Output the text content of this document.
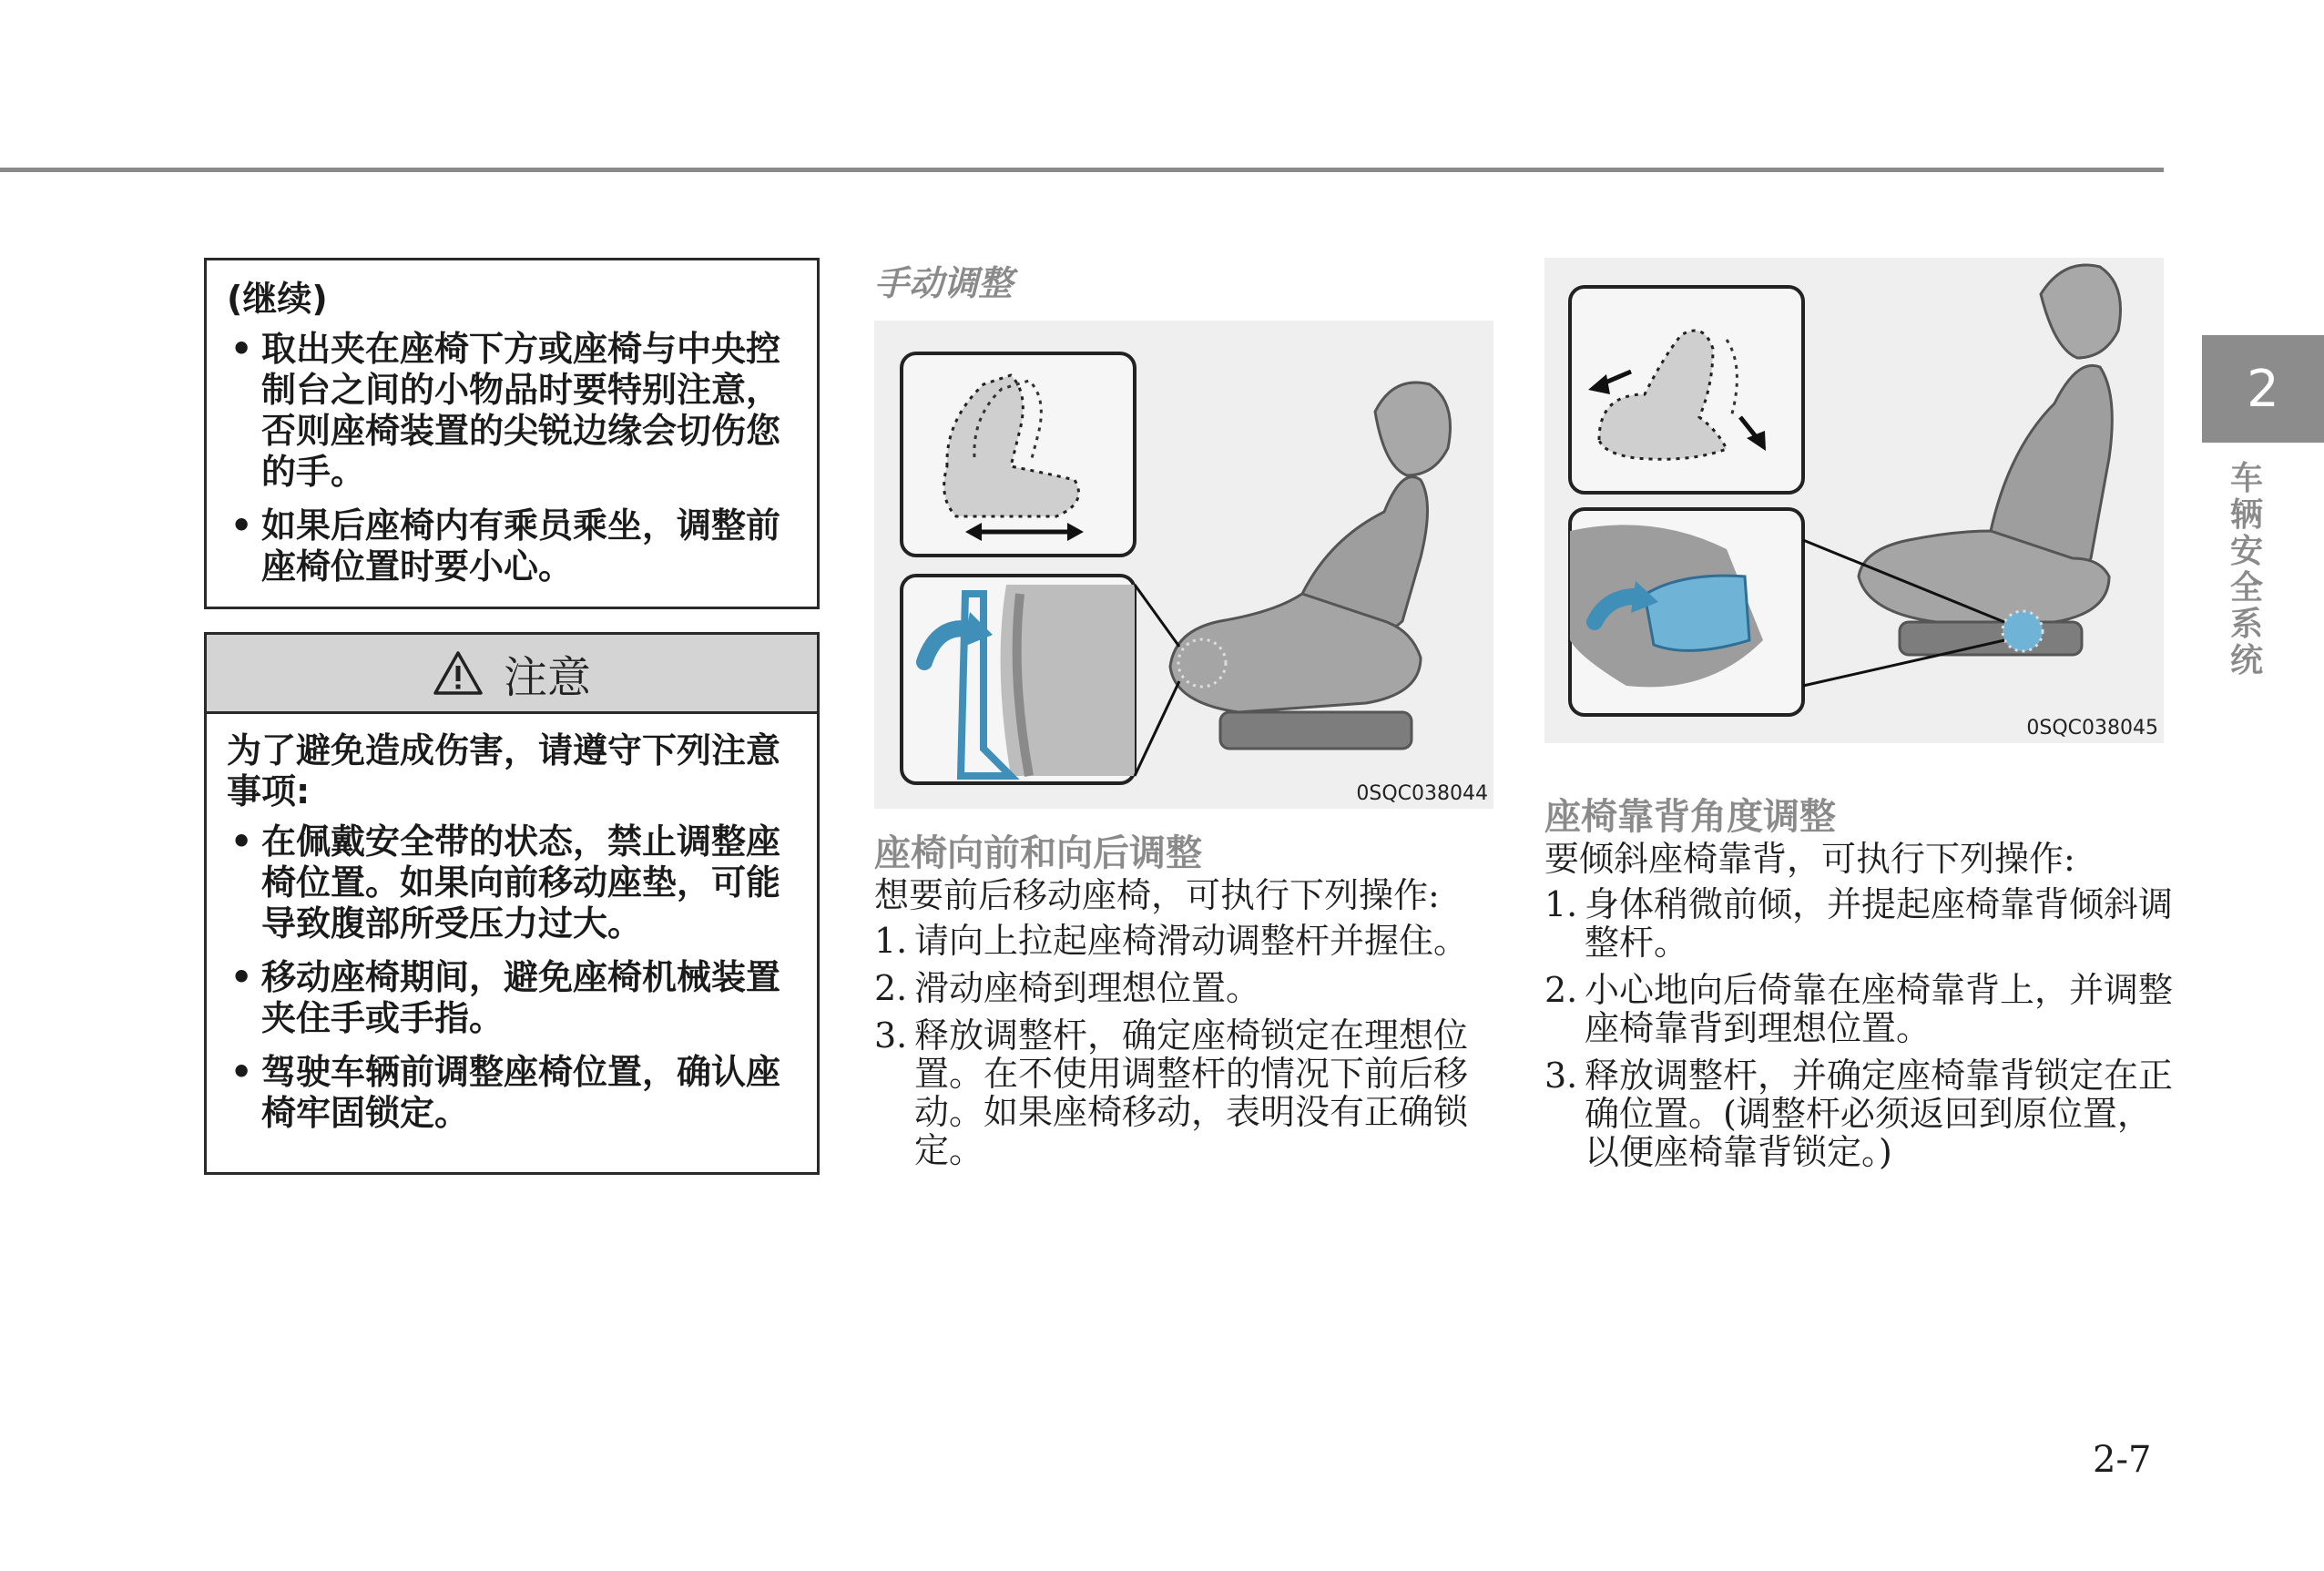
(继续)
• 取出夹在座椅下方或座椅与中央控制台之间的小物品时要特别注意，否则座椅装置的尖锐边缘会切伤您的手。
• 如果后座椅内有乘员乘坐，调整前座椅位置时要小心。
注意
为了避免造成伤害，请遵守下列注意事项:
• 在佩戴安全带的状态，禁止调整座椅位置。如果向前移动座垫，可能导致腹部所受压力过大。
• 移动座椅期间，避免座椅机械装置夹住手或手指。
• 驾驶车辆前调整座椅位置，确认座椅牢固锁定。
手动调整
0SQC038044
座椅向前和向后调整
想要前后移动座椅，可执行下列操作:
1. 请向上拉起座椅滑动调整杆并握住。
2. 滑动座椅到理想位置。
3. 释放调整杆，确定座椅锁定在理想位置。在不使用调整杆的情况下前后移动。如果座椅移动，表明没有正确锁定。
0SQC038045
座椅靠背角度调整
要倾斜座椅靠背，可执行下列操作:
1. 身体稍微前倾，并提起座椅靠背倾斜调整杆。
2. 小心地向后倚靠在座椅靠背上，并调整座椅靠背到理想位置。
3. 释放调整杆，并确定座椅靠背锁定在正确位置。(调整杆必须返回到原位置，以便座椅靠背锁定。)
2
车辆安全系统
2-7
